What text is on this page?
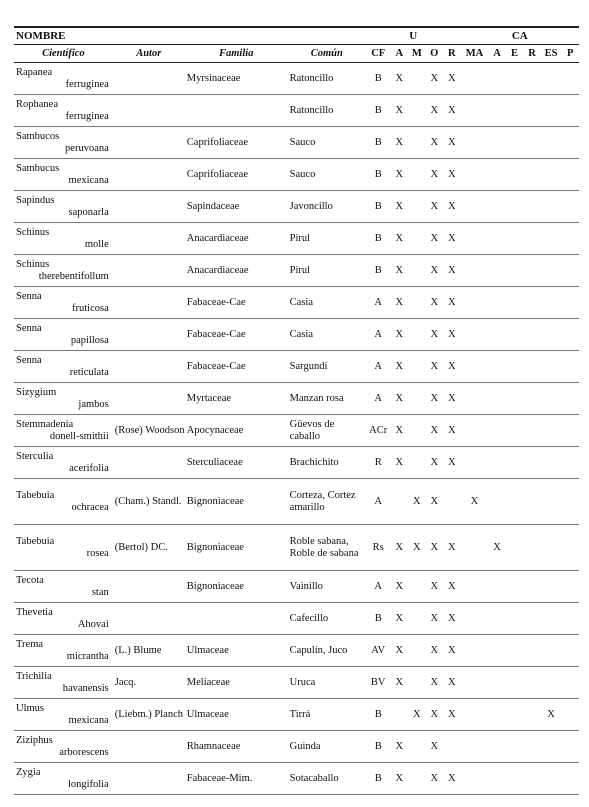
NOMBRE				U					CA					
Científico	Autor	Familia	Común	CF	A	M	O	R	MA	A	E	R	ES	P

Rapanea
ferruginea		Myrsinaceae	Ratoncillo	B	X		X	X						

Rophanea
ferruginea			Ratoncillo	B	X		X	X						

Sambucos
peruvoana		Caprifoliaceae	Sauco	B	X		X	X						

Sambucus
mexicana		Caprifoliaceae	Sauco	B	X		X	X						

Sapindus
saponarla		Sapindaceae	Javoncillo	B	X		X	X						

Schinus
molle		Anacardiaceae	Pirul	B	X		X	X						

Schinus
therebentifollum		Anacardiaceae	Pirul	B	X		X	X						

Senna
fruticosa		Fabaceae-Cae	Casia	A	X		X	X						

Senna
papillosa		Fabaceae-Cae	Casia	A	X		X	X						

Senna
reticulata		Fabaceae-Cae	Sargundí	A	X		X	X						

Sizygium
jambos		Myrtaceae	Manzan rosa	A	X		X	X						

Stemmadenia
donell-smithii	(Rose) Woodson	Apocynaceae	Güevos de caballo	ACr	X		X	X						

Sterculia
acerifolia		Sterculiaceae	Brachichito	R	X		X	X						

Tabebuia
ochracea	(Cham.) Standl.	Bignoniaceae	Corteza, Cortez amarillo	A		X	X		X					

Tabebuia
rosea	(Bertol) DC.	Bignoniaceae	Roble sabana, Roble de sabana	Rs	X	X	X	X		X				

Tecota
stan		Bignoniaceae	Vainillo	A	X		X	X						

Thevetia
Ahovai			Cafecillo	B	X		X	X						

Trema
micrantha	(L.) Blume	Ulmaceae	Capulín, Juco	AV	X		X	X						

Trichilia
havanensis	Jacq.	Meliaceae	Uruca	BV	X		X	X						

Ulmus
mexicana	(Liebm.) Planch	Ulmaceae	Tirrá	B		X	X	X					X	

Ziziphus
arborescens		Rhamnaceae	Guinda	B	X		X							

Zygia
longifolia		Fabaceae-Mim.	Sotacaballo	B	X		X	X						
